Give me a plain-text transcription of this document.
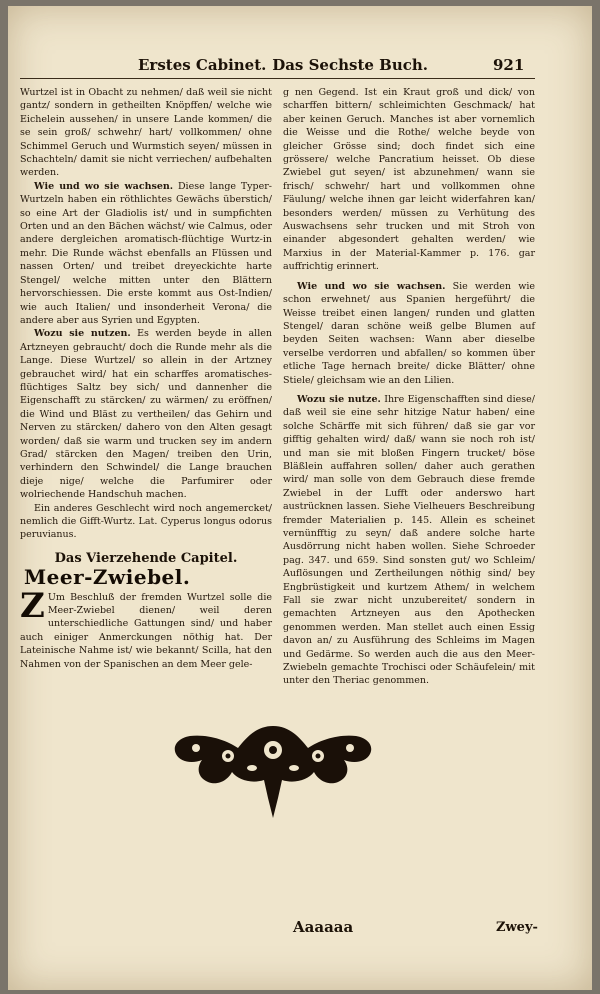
Erstes Cabinet. Das Sechste Buch.	921

Wurtzel ist in Obacht zu nehmen/ daß weil sie nicht gantz/ sondern in getheilten Knöpffen/ welche wie Eichelein aussehen/ in unsere Lande kommen/ die se sein groß/ schwehr/ hart/ vollkommen/ ohne Schimmel Geruch und Wurmstich seyen/ müssen in Schachteln/ damit sie nicht verriechen/ aufbehalten werden.

Wie und wo sie wachsen. Diese lange Typer-Wurtzeln haben ein röthlichtes Gewächs überstich/ so eine Art der Gladiolis ist/ und in sumpfichten Orten und an den Bächen wächst/ wie Calmus, oder andere dergleichen aromatisch-flüchtige Wurtz-in mehr. Die Runde wächst ebenfalls an Flüssen und nassen Orten/ und treibet dreyeckichte harte Stengel/ welche mitten unter den Blättern hervorschiessen. Die erste kommt aus Ost-Indien/ wie auch Italien/ und insonderheit Verona/ die andere aber aus Syrien und Egypten.

Wozu sie nutzen. Es werden beyde in allen Artzneyen gebraucht/ doch die Runde mehr als die Lange. Diese Wurtzel/ so allein in der Artzney gebrauchet wird/ hat ein scharffes aromatisches-flüchtiges Saltz bey sich/ und dannenher die Eigenschafft zu stärcken/ zu wärmen/ zu eröffnen/ die Wind und Bläst zu vertheilen/ das Gehirn und Nerven zu stärcken/ dahero von den Alten gesagt worden/ daß sie warm und trucken sey im andern Grad/ stärcken den Magen/ treiben den Urin, verhindern den Schwindel/ die Lange brauchen dieje nige/ welche die Parfumirer oder wolriechende Handschuh machen.

Ein anderes Geschlecht wird noch angemercket/ nemlich die Gifft-Wurtz. Lat. Cyperus longus odorus peruvianus.

Das Vierzehende Capitel.
Meer-Zwiebel.

Z Um Beschluß der fremden Wurtzel solle die Meer-Zwiebel dienen/ weil deren unterschiedliche Gattungen sind/ und haber auch einiger Anmerckungen nöthig hat. Der Lateinische Nahme ist/ wie bekannt/ Scilla, hat den Nahmen von der Spanischen an dem Meer gele-

g nen Gegend. Ist ein Kraut groß und dick/ von scharffen bittern/ schleimichten Geschmack/ hat aber keinen Geruch. Manches ist aber vornemlich die Weisse und die Rothe/ welche beyde von gleicher Grösse sind; doch findet sich eine grössere/ welche Pancratium heisset. Ob diese Zwiebel gut seyen/ ist abzunehmen/ wann sie frisch/ schwehr/ hart und vollkommen ohne Fäulung/ welche ihnen gar leicht widerfahren kan/ besonders werden/ müssen zu Verhütung des Auswachsens sehr trucken und mit Stroh von einander abgesondert gehalten werden/ wie Marxius in der Material-Kammer p. 176. gar auffrichtig erinnert.

Wie und wo sie wachsen. Sie werden wie schon erwehnet/ aus Spanien hergeführt/ die Weisse treibet einen langen/ runden und glatten Stengel/ daran schöne weiß gelbe Blumen auf beyden Seiten wachsen: Wann aber dieselbe verselbe verdorren und abfallen/ so kommen über etliche Tage hernach breite/ dicke Blätter/ ohne Stiele/ gleichsam wie an den Lilien.

Wozu sie nutze. Ihre Eigenschafften sind diese/ daß weil sie eine sehr hitzige Natur haben/ eine solche Schärffe mit sich führen/ daß sie gar vor gifftig gehalten wird/ daß/ wann sie noch roh ist/ und man sie mit bloßen Fingern trucket/ böse Bläßlein auffahren sollen/ daher auch gerathen wird/ man solle von dem Gebrauch diese fremde Zwiebel in der Lufft oder anderswo hart austrücknen lassen. Siehe Vielheuers Beschreibung fremder Materialien p. 145. Allein es scheinet vernünfftig zu seyn/ daß andere solche harte Ausdörrung nicht haben wollen. Siehe Schroeder pag. 347. und 659. Sind sonsten gut/ wo Schleim/ Auflösungen und Zertheilungen nöthig sind/ bey Engbrüstigkeit und kurtzem Athem/ in welchem Fall sie zwar nicht unzubereitet/ sondern in gemachten Artzneyen aus den Apothecken genommen werden. Man stellet auch einen Essig davon an/ zu Ausführung des Schleims im Magen und Gedärme. So werden auch die aus den Meer-Zwiebeln gemachte Trochisci oder Schäufelein/ mit unter den Theriac genommen.

Aaaaaa	Zwey-
